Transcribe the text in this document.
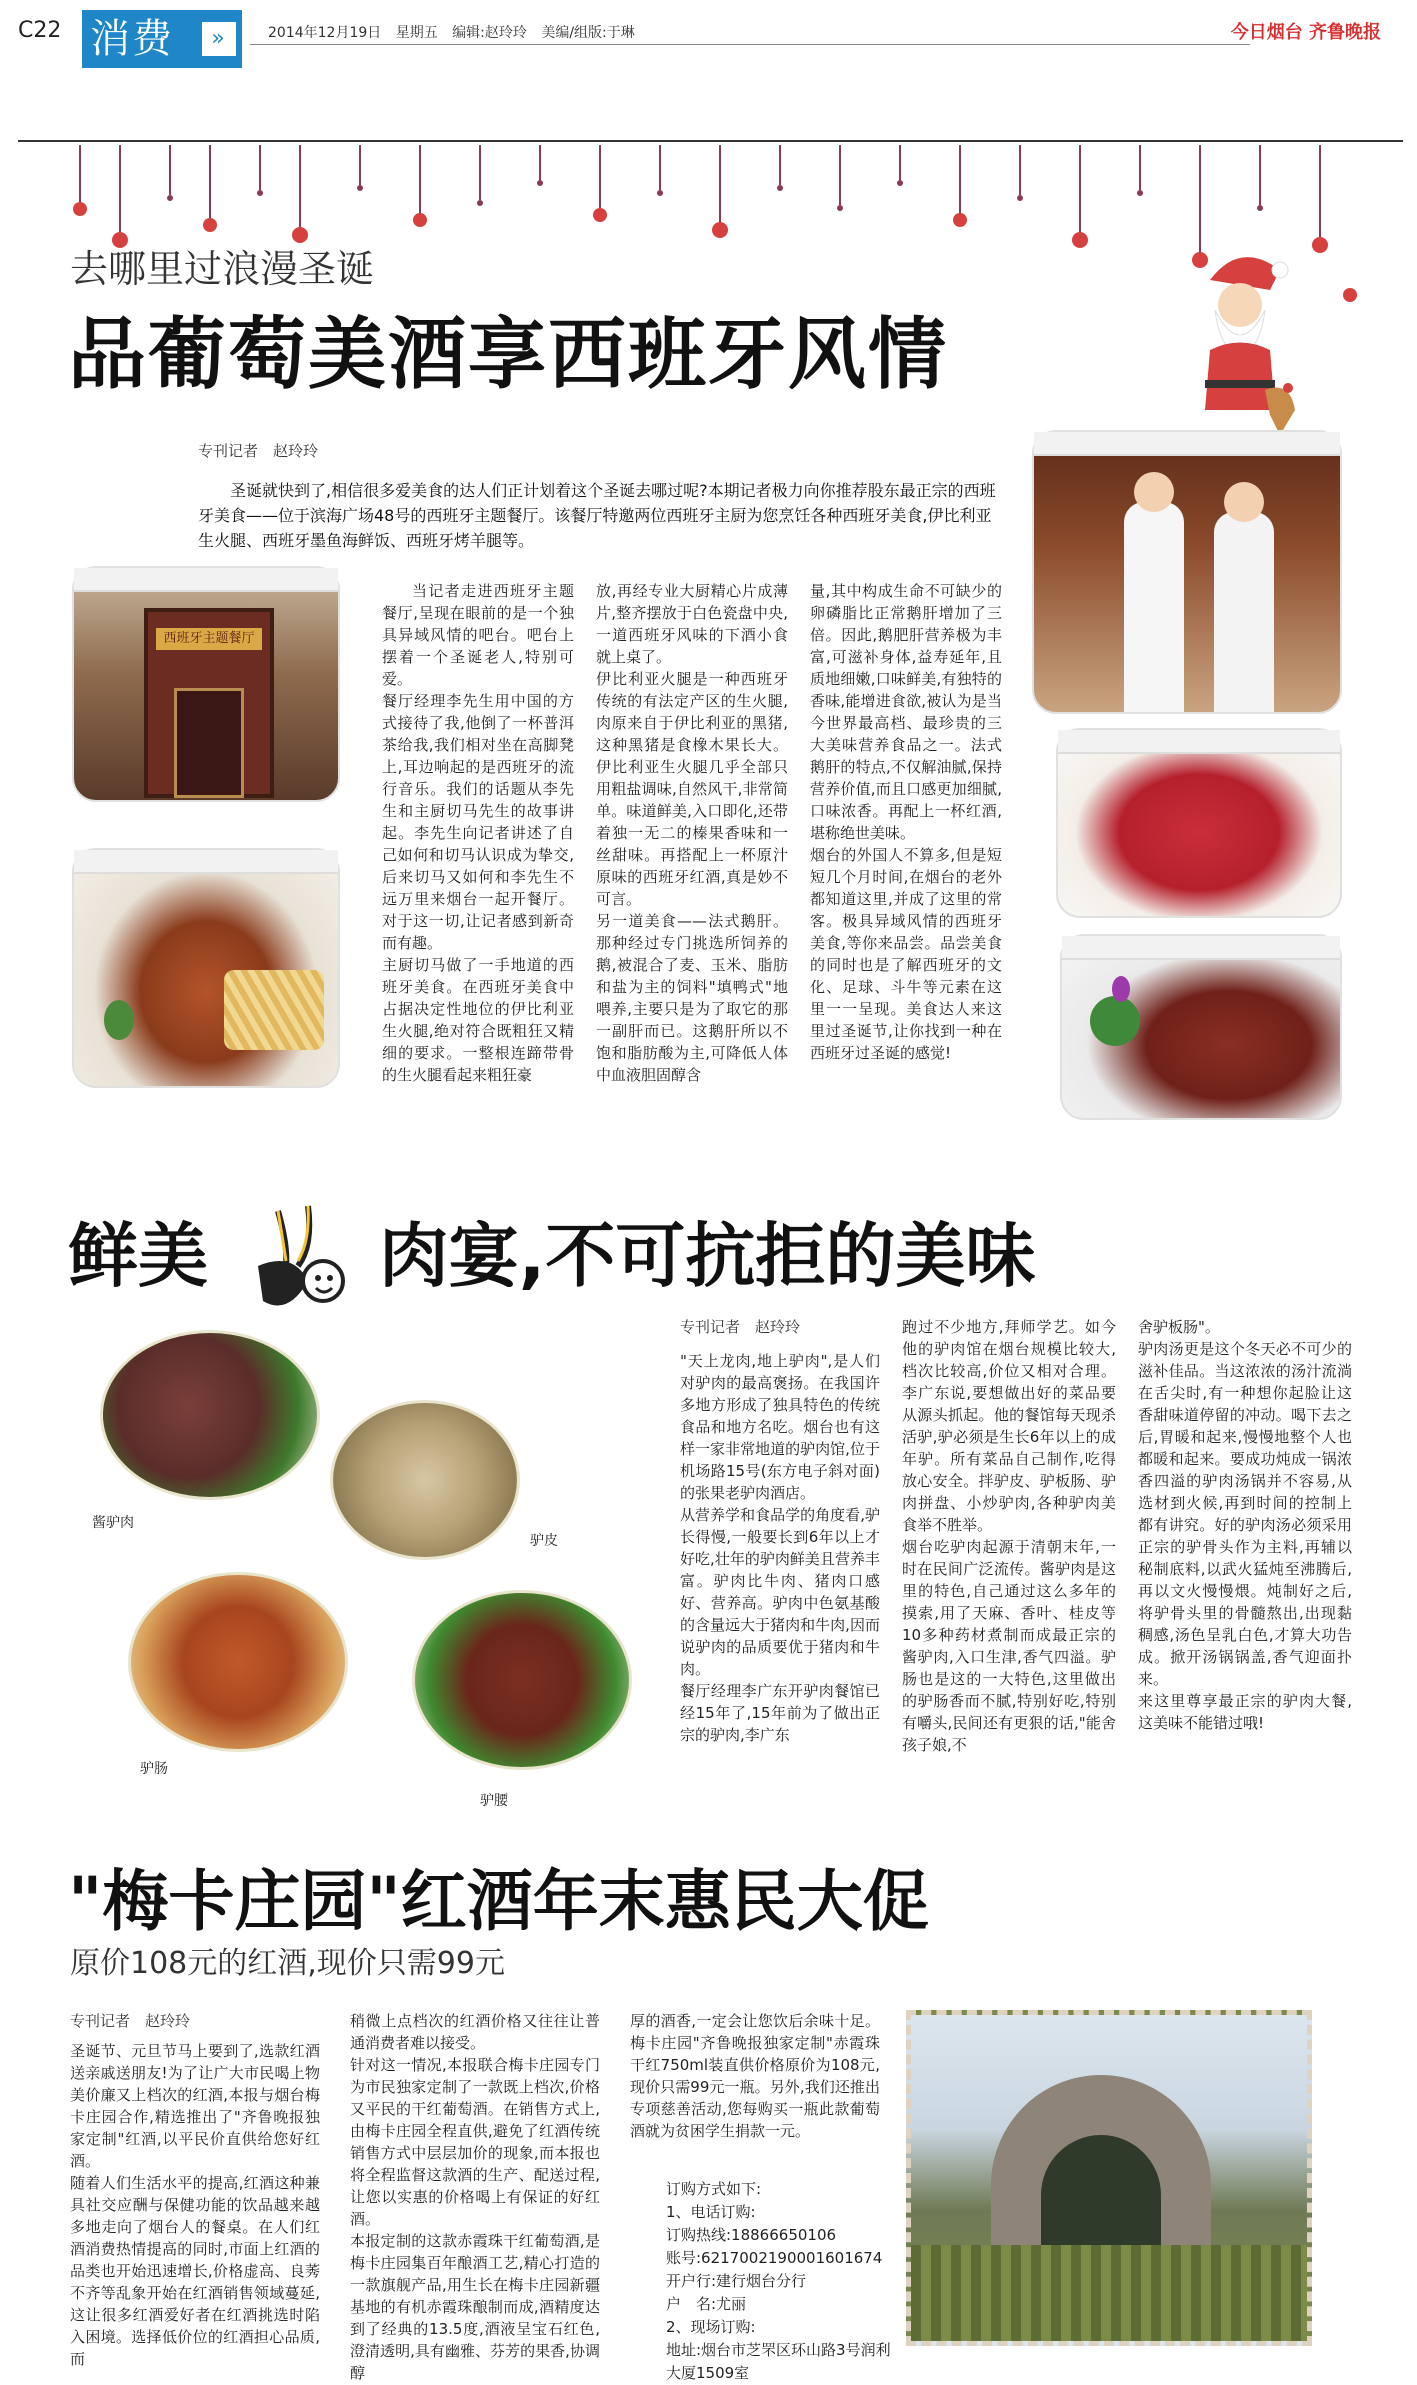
C22 消费	»	2014年12月19日 星期五 编辑:赵玲玲 美编/组版:于琳	今日烟台 齐鲁晚报
去哪里过浪漫圣诞
品葡萄美酒享西班牙风情
专刊记者　赵玲玲
圣诞就快到了,相信很多爱美食的达人们正计划着这个圣诞去哪过呢?本期记者极力向你推荐股东最正宗的西班牙美食——位于滨海广场48号的西班牙主题餐厅。该餐厅特邀两位西班牙主厨为您烹饪各种西班牙美食,伊比利亚生火腿、西班牙墨鱼海鲜饭、西班牙烤羊腿等。
西班牙主题餐厅
当记者走进西班牙主题餐厅,呈现在眼前的是一个独具异域风情的吧台。吧台上摆着一个圣诞老人,特别可爱。
餐厅经理李先生用中国的方式接待了我,他倒了一杯普洱茶给我,我们相对坐在高脚凳上,耳边响起的是西班牙的流行音乐。我们的话题从李先生和主厨切马先生的故事讲起。李先生向记者讲述了自己如何和切马认识成为挚交,后来切马又如何和李先生不远万里来烟台一起开餐厅。对于这一切,让记者感到新奇而有趣。
主厨切马做了一手地道的西班牙美食。在西班牙美食中占据决定性地位的伊比利亚生火腿,绝对符合既粗狂又精细的要求。一整根连蹄带骨的生火腿看起来粗狂豪
放,再经专业大厨精心片成薄片,整齐摆放于白色瓷盘中央,一道西班牙风味的下酒小食就上桌了。
伊比利亚火腿是一种西班牙传统的有法定产区的生火腿,肉原来自于伊比利亚的黑猪,这种黑猪是食橡木果长大。伊比利亚生火腿几乎全部只用粗盐调味,自然风干,非常简单。味道鲜美,入口即化,还带着独一无二的榛果香味和一丝甜味。再搭配上一杯原汁原味的西班牙红酒,真是妙不可言。
另一道美食——法式鹅肝。那种经过专门挑选所饲养的鹅,被混合了麦、玉米、脂肪和盐为主的饲料"填鸭式"地喂养,主要只是为了取它的那一副肝而已。这鹅肝所以不饱和脂肪酸为主,可降低人体中血液胆固醇含
量,其中构成生命不可缺少的卵磷脂比正常鹅肝增加了三倍。因此,鹅肥肝营养极为丰富,可滋补身体,益寿延年,且质地细嫩,口味鲜美,有独特的香味,能增进食欲,被认为是当今世界最高档、最珍贵的三大美味营养食品之一。法式鹅肝的特点,不仅解油腻,保持营养价值,而且口感更加细腻,口味浓香。再配上一杯红酒,堪称绝世美味。
烟台的外国人不算多,但是短短几个月时间,在烟台的老外都知道这里,并成了这里的常客。极具异域风情的西班牙美食,等你来品尝。品尝美食的同时也是了解西班牙的文化、足球、斗牛等元素在这里一一呈现。美食达人来这里过圣诞节,让你找到一种在西班牙过圣诞的感觉!
鲜美 肉宴,不可抗拒的美味
酱驴肉
驴皮
驴肠
驴腰
专刊记者　赵玲玲
"天上龙肉,地上驴肉",是人们对驴肉的最高褒扬。在我国许多地方形成了独具特色的传统食品和地方名吃。烟台也有这样一家非常地道的驴肉馆,位于机场路15号(东方电子斜对面)的张果老驴肉酒店。
从营养学和食品学的角度看,驴长得慢,一般要长到6年以上才好吃,壮年的驴肉鲜美且营养丰富。驴肉比牛肉、猪肉口感好、营养高。驴肉中色氨基酸的含量远大于猪肉和牛肉,因而说驴肉的品质要优于猪肉和牛肉。
餐厅经理李广东开驴肉餐馆已经15年了,15年前为了做出正宗的驴肉,李广东
跑过不少地方,拜师学艺。如今他的驴肉馆在烟台规模比较大,档次比较高,价位又相对合理。李广东说,要想做出好的菜品要从源头抓起。他的餐馆每天现杀活驴,驴必须是生长6年以上的成年驴。所有菜品自己制作,吃得放心安全。拌驴皮、驴板肠、驴肉拼盘、小炒驴肉,各种驴肉美食举不胜举。
烟台吃驴肉起源于清朝末年,一时在民间广泛流传。酱驴肉是这里的特色,自己通过这么多年的摸索,用了天麻、香叶、桂皮等10多种药材煮制而成最正宗的酱驴肉,入口生津,香气四溢。驴肠也是这的一大特色,这里做出的驴肠香而不腻,特别好吃,特别有嚼头,民间还有更狠的话,"能舍孩子娘,不
舍驴板肠"。
驴肉汤更是这个冬天必不可少的滋补佳品。当这浓浓的汤汁流淌在舌尖时,有一种想你起脸让这香甜味道停留的冲动。喝下去之后,胃暖和起来,慢慢地整个人也都暖和起来。要成功炖成一锅浓香四溢的驴肉汤锅并不容易,从选材到火候,再到时间的控制上都有讲究。好的驴肉汤必须采用正宗的驴骨头作为主料,再辅以秘制底料,以武火猛炖至沸腾后,再以文火慢慢煨。炖制好之后,将驴骨头里的骨髓熬出,出现黏稠感,汤色呈乳白色,才算大功告成。掀开汤锅锅盖,香气迎面扑来。
来这里尊享最正宗的驴肉大餐,这美味不能错过哦!
"梅卡庄园"红酒年末惠民大促
原价108元的红酒,现价只需99元
专刊记者　赵玲玲
圣诞节、元旦节马上要到了,选款红酒送亲戚送朋友!为了让广大市民喝上物美价廉又上档次的红酒,本报与烟台梅卡庄园合作,精选推出了"齐鲁晚报独家定制"红酒,以平民价直供给您好红酒。
随着人们生活水平的提高,红酒这种兼具社交应酬与保健功能的饮品越来越多地走向了烟台人的餐桌。在人们红酒消费热情提高的同时,市面上红酒的品类也开始迅速增长,价格虚高、良莠不齐等乱象开始在红酒销售领域蔓延,这让很多红酒爱好者在红酒挑选时陷入困境。选择低价位的红酒担心品质,而
稍微上点档次的红酒价格又往往让普通消费者难以接受。
针对这一情况,本报联合梅卡庄园专门为市民独家定制了一款既上档次,价格又平民的干红葡萄酒。在销售方式上,由梅卡庄园全程直供,避免了红酒传统销售方式中层层加价的现象,而本报也将全程监督这款酒的生产、配送过程,让您以实惠的价格喝上有保证的好红酒。
本报定制的这款赤霞珠干红葡萄酒,是梅卡庄园集百年酿酒工艺,精心打造的一款旗舰产品,用生长在梅卡庄园新疆基地的有机赤霞珠酿制而成,酒精度达到了经典的13.5度,酒液呈宝石红色,澄清透明,具有幽雅、芬芳的果香,协调醇
厚的酒香,一定会让您饮后余味十足。梅卡庄园"齐鲁晚报独家定制"赤霞珠干红750ml装直供价格原价为108元,现价只需99元一瓶。另外,我们还推出专项慈善活动,您每购买一瓶此款葡萄酒就为贫困学生捐款一元。
订购方式如下:
1、电话订购:
订购热线:18866650106
账号:6217002190001601674
开户行:建行烟台分行
户　名:尤丽
2、现场订购:
地址:烟台市芝罘区环山路3号润利大厦1509室
